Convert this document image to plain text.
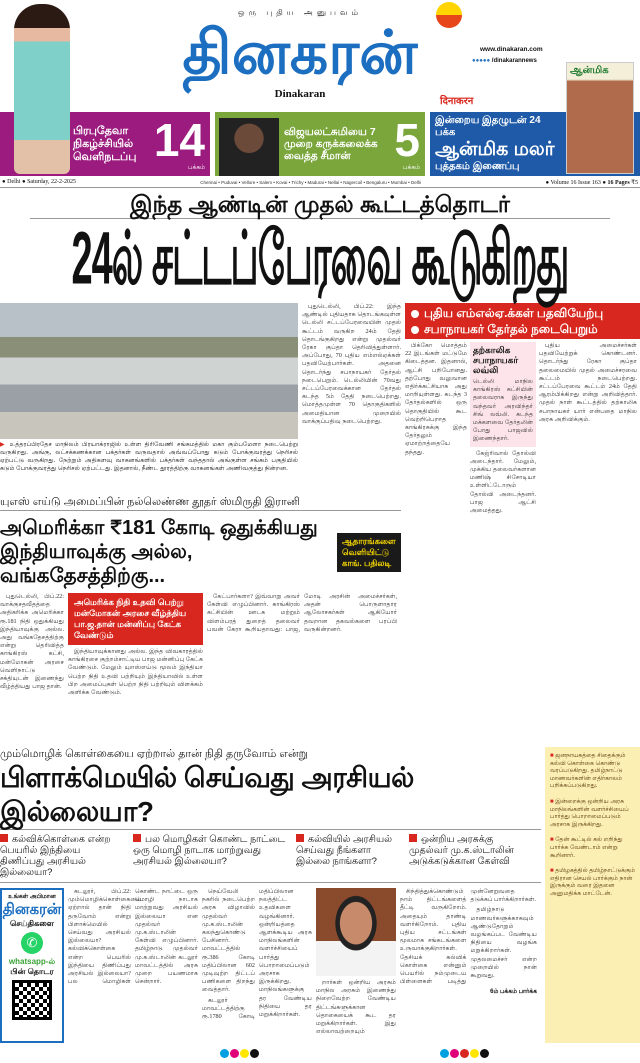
ஒரு புதிய அனுபவம்
தினகரன்
Dinakaran
www.dinakaran.com
●●●●● /dinakarannews
दिनाकरन
ஆன்மிக
பிரபுதேவா நிகழ்ச்சியில் வெளிநடப்பு 14
பக்கம்
விஜயலட்சுமியை 7 முறை கருக்கலைக்க வைத்த சீமான் 5
பக்கம்
இன்றைய இதழுடன் 24 பக்க
ஆன்மிக மலர்
புத்தகம் இணைப்பு
● Delhi ● Saturday, 22-2-2025	Chennai • Puduvai • Vellore • Salem • Kovai • Trichy • Madurai • Nellai • Nagercoil • Bengaluru • Mumbai • Delhi	● Volume 16 Issue 163 ● 16 Pages ₹5
இந்த ஆண்டின் முதல் கூட்டத்தொடர்
24ல் சட்டப்பேரவை கூடுகிறது
▶ உத்தரப்பிரதேச மாநிலம் பிரயாக்ராஜில் உள்ள திரிவேணி சங்கமத்தில் மகா கும்பமேளா நடைபெற்று வருகிறது. அங்கு, லட்சக்கணக்கான பக்தர்கள் வருவதால் அவ்வப்போது கடும் போக்குவரத்து நெரிசல் ஏற்பட்டு வருகிறது. நேற்றும் அதிகளவு வாகனங்களில் பக்தர்கள் வந்ததால் அங்குள்ள சங்கம் பகுதியில் கடும் போக்குவரத்து நெரிசல் ஏற்பட்டது. இதனால், நீண்ட தூரத்திற்கு வாகனங்கள் அணிவகுத்து நின்றன.

புதுடெல்லி, பிப்.22: இந்த ஆண்டில் புதியதாக தொடங்கவுள்ள டெல்லி சட்டப்பேரவையின் முதல் கூட்டம் வருகிற 24ம் தேதி தொடங்குகிறது என்று முதல்வர் ரேகா குப்தா தெரிவித்துள்ளார். அப்போது, 70 புதிய எம்எல்ஏக்கள் பதவியேற்பார்கள். அதனை தொடர்ந்து சபாநாயகர் தேர்தல் நடைபெறும். டெல்லியின் 70வது சட்டப்பேரவைக்கான தேர்தல் கடந்த 5ம் தேதி நடைபெற்றது. மொத்தமுள்ள 70 தொகுதிகளில் அமைதியான முறையில் வாக்குப்பதிவு நடைபெற்றது.

யுஎஸ் எய்டு அமைப்பின் நல்லெண்ண தூதர் ஸ்மிருதி இரானி
அமெரிக்கா ₹181 கோடி ஒதுக்கியது
இந்தியாவுக்கு அல்ல, வங்கதேசத்திற்கு...
ஆதாரங்களை வெளியிட்டு காங். பதிலடி

புதுடெல்லி, பிப்.22: வாக்குசதவீதத்தை அதிகரிக்க அமெரிக்கா ரூ.181 நிதி ஒதுக்கியது இந்தியாவுக்கு அல்ல. அது வங்கதேசத்திற்கு என்று தெரிவித்த காங்கிரஸ் கட்சி, மன்மோகன் அரசை வெளிநாட்டு சக்தியுடன் இணைந்து வீழ்த்தியது பாஜ தான்.

அமெரிக்க நிதி உதவி பெற்று மன்மோகன் அரசை வீழ்த்திய பா.ஜ.தான் மன்னிப்பு கேட்க வேண்டும்

இந்தியாவுக்கானது அல்ல. இந்த விவகாரத்தில் காங்கிரசை குற்றம்சாட்டிய பாஜ மன்னிப்பு கேட்க வேண்டும். மேலும் யுஎஸ்எய்டு மூலம் இந்தியா பெற்ற நிதி உதவி பற்றியும் இந்தியாவில் உள்ள பிற அமைப்புகள் பெற்ற நிதி பற்றியும் விளக்கம் அளிக்க வேண்டும்.

கேட்பார்களா? இவ்வாறு அவர் கேள்வி எழுப்பினார். காங்கிரஸ் கட்சியின் ஊடக மற்றும் விளம்பரத் துறைத் தலைவர் பவன் கேரா கூறியதாவது: பாஜ, மோடி அரசின் அமைச்சர்கள், அதன் பொருளாதார ஆலோசகர்கள் ஆகியோர் தவறான தகவல்களை பரப்பி வருகின்றனர்.

புதிய எம்எல்ஏ.க்கள் பதவியேற்பு
சபாநாயகர் தேர்தல் நடைபெறும்

பிக்கோ மொத்தம் 22 இடங்கள் மட்டுமே கிடைத்தன. இதனால், ஆட்சி பறிபோனது. தற்போது வலுவான எதிர்க்கட்சியாக அது மாறியுள்ளது. கடந்த 3 தேர்தல்களில் ஒரு தொகுதியில் கூட வெற்றிபெறாத காங்கிரசுக்கு இந்த தேர்தலும் ஏமாற்றத்தையே தந்தது.

தற்காலிக சபாநாயகர் லவ்லி
டெல்லி மாநில காங்கிரஸ் கட்சியின் தலைவராக இருந்து வந்தவர் அரவிந்தர் சிங் லவ்லி. கடந்த மக்களவை தேர்தலின் போது பாஜவில் இணைந்தார்.

கேஜ்ரிவால் தோல்வி அடைந்தார். மேலும், முக்கிய தலைவர்களான மணிஷ் சிசோடியா உள்ளிட்டோரும் தோல்வி அடைந்தனர். பாஜ ஆட்சி அமைத்தது.

புதிய அமைச்சர்கள் பதவியேற்றுக் கொண்டனர். தொடர்ந்து ரேகா குப்தா தலைமையில் முதல் அமைச்சரவை கூட்டம் நடைபெற்றது. சட்டப்பேரவை கூட்டம் 24ம் தேதி ஆரம்பிக்கிறது என்று அறிவித்தார். முதல் நாள் கூட்டத்தில் தற்காலிக சபாநாயகர் யார் என்பதை மாநில அரசு அறிவிக்கும்.

மும்மொழிக் கொள்கையை ஏற்றால் தான் நிதி தருவோம் என்று
பிளாக்மெயில் செய்வது அரசியல் இல்லையா?
கல்விக்கொள்கை என்ற பெயரில் இந்தியை திணிப்பது அரசியல் இல்லையா?
பல மொழிகள் கொண்ட நாட்டை ஒரு மொழி நாடாக மாற்றுவது அரசியல் இல்லையா?
கல்வியில் அரசியல் செய்வது நீங்களா இல்லை நாங்களா?
ஒன்றிய அரசுக்கு முதல்வர் மு.க.ஸ்டாலின் அடுக்கடுக்கான கேள்வி
உங்கள் அபிமான
தினகரன்
செய்திகளை
✆
whatsapp-ல்
பின் தொடர

கடலூர், பிப்.22: மும்மொழிக்கொள்கையை ஏற்றால் தான் நிதி தருவோம் என்று பிளாக்மெயில் செய்வது அரசியல் இல்லையா? கல்விக்கொள்கை என்ற பெயரில் இந்தியை திணிப்பது அரசியல் இல்லையா? பல மொழிகள் கொண்ட நாட்டை ஒரு மொழி நாடாக மாற்றுவது அரசியல் இல்லையா என முதல்வர் மு.க.ஸ்டாலின் கேள்வி எழுப்பினார். தமிழ்நாடு முதல்வர் மு.க.ஸ்டாலின் கடலூர் மாவட்டத்தில் அரசு முறை பயணமாக சென்றார்.

நெய்வேலி நகரில் நடைபெற்ற அரசு விழாவில் முதல்வர் மு.க.ஸ்டாலின் கலந்துகொண்டு பேசினார். மாவட்டத்தில் ரூ.386 கோடி மதிப்பிலான 602 முடிவுற்ற திட்டப் பணிகளை திறந்து வைத்தார்.

கடலூர் மாவட்டத்திற்கு ரூ.1780 கோடி மதிப்பிலான நலத்திட்ட உதவிகளை வழங்கினார். ஒன்றியத்தை ஆளக்கூடிய அரசு மாநிலங்களின் வளர்ச்சியைப் பார்த்து பொறாமைப்படும் அரசாக இருக்கிறது. மாநிலங்களுக்கு தர வேண்டிய நிதியை தர மறுக்கிறார்கள்.

றார்கள் ஒன்றிய அரசும் மாநில அரசும் இணைந்து நிறைவேற்ற வேண்டிய திட்டங்களுக்கான தொகையைக் கூட தர மறுக்கிறார்கள். இது எல்லாவற்றையும்

சிந்தித்துக்கொண்டும் நாம் திட்டங்களைத் தீட்டி வருகிறோம். அதையும் தாண்டி வளர்கிறோம். புதிய புதிய சட்டங்கள் மூலமாக சங்கடங்களை உருவாக்குகிறார்கள். தேசியக் கல்விக் கொள்கை என்னும் பெயரில் நம்முடைய பிள்ளைகள் படித்து முன்னேறுவதை தடுக்கப் பார்க்கிறார்கள்.

தமிழ்நாடு மாணவர்களுக்காகவும் ஆண்டுதோறும் வழங்கப்பட வேண்டிய நிதியை வழங்க மறுக்கிறார்கள். முதலமைச்சர் என்ற முறையில் நான் கூறுவது.

6ம் பக்கம் பார்க்க

■ ஜனநாயகத்தை சிதைக்கும் கல்வி கொள்கை கொண்டு வரப்படுகிறது. தமிழ்நாட்டு மாணவர்களின் எதிர்காலம் பறிக்கப்படுகிறது.

■ இன்றைக்கு ஒன்றிய அரசு மாநிலங்களின் வளர்ச்சியைப் பார்த்து பொறாமைப்படும் அரசாக இருக்கிறது.

■ தேன் கூட்டில் கல் எறிந்து பார்க்க வேண்டாம் என்று கூறினார்.

■ தமிழகத்தில் தமிழ்நாட்டுக்கும் எதிரான செயல் பார்க்கும் நான் இருக்கும் வரை இதனை அனுமதிக்க மாட்டேன்.
